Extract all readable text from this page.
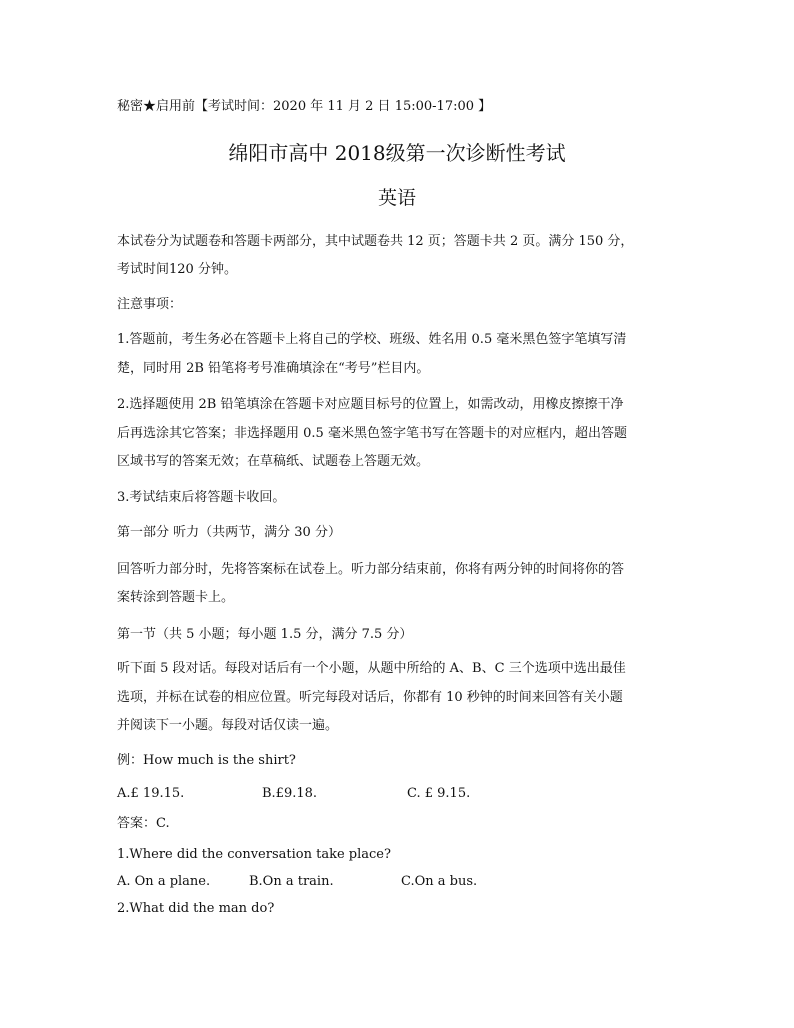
秘密★启用前【考试时间：2020 年 11 月 2 日 15:00-17:00 】
绵阳市高中 2018级第一次诊断性考试
英语
本试卷分为试题卷和答题卡两部分，其中试题卷共 12 页；答题卡共 2 页。满分 150 分，
考试时间120 分钟。
注意事项：
1.答题前，考生务必在答题卡上将自己的学校、班级、姓名用 0.5 毫米黑色签字笔填写清
楚，同时用 2B 铅笔将考号准确填涂在“考号”栏目内。
2.选择题使用 2B 铅笔填涂在答题卡对应题目标号的位置上，如需改动，用橡皮擦擦干净
后再选涂其它答案；非选择题用 0.5 毫米黑色签字笔书写在答题卡的对应框内，超出答题
区域书写的答案无效；在草稿纸、试题卷上答题无效。
3.考试结束后将答题卡收回。
第一部分 听力（共两节，满分 30 分）
回答听力部分时，先将答案标在试卷上。听力部分结束前，你将有两分钟的时间将你的答
案转涂到答题卡上。
第一节（共 5 小题；每小题 1.5 分，满分 7.5 分）
听下面 5 段对话。每段对话后有一个小题，从题中所给的 A、B、C 三个选项中选出最佳
选项，并标在试卷的相应位置。听完每段对话后，你都有 10 秒钟的时间来回答有关小题
并阅读下一小题。每段对话仅读一遍。
例：How much is the shirt?
A.£ 19.15.	B.£9.18.	C. £ 9.15.
答案：C.
1.Where did the conversation take place?
A. On a plane.	B.On a train.	C.On a bus.
2.What did the man do?
